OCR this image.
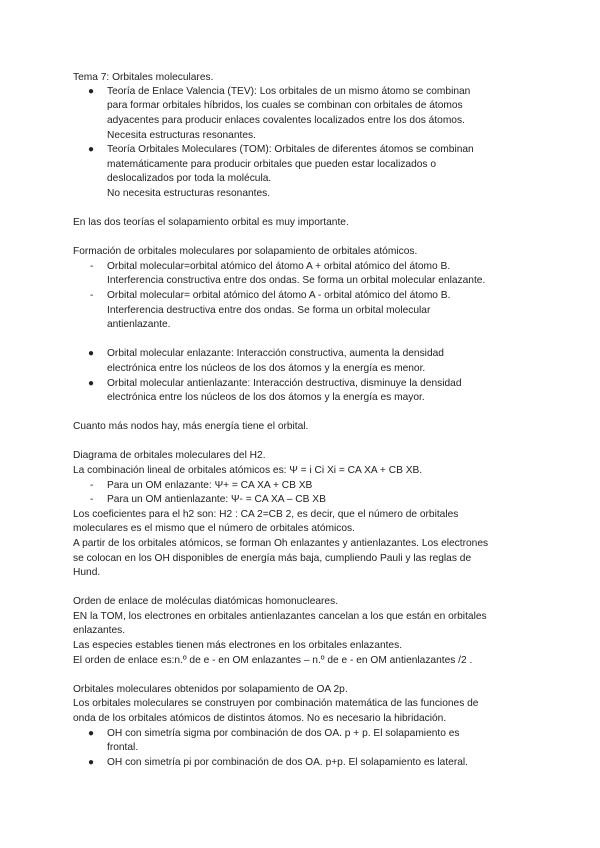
Tema 7: Orbitales moleculares.
●	Teoría de Enlace Valencia (TEV): Los orbitales de un mismo átomo se combinan
para formar orbitales híbridos, los cuales se combinan con orbitales de átomos
adyacentes para producir enlaces covalentes localizados entre los dos átomos.
Necesita estructuras resonantes.
●	Teoría Orbitales Moleculares (TOM): Orbitales de diferentes átomos se combinan
matemáticamente para producir orbitales que pueden estar localizados o
deslocalizados por toda la molécula.
No necesita estructuras resonantes.
En las dos teorías el solapamiento orbital es muy importante.
Formación de orbitales moleculares por solapamiento de orbitales atómicos.
- Orbital molecular=orbital atómico del átomo A + orbital atómico del átomo B.
Interferencia constructiva entre dos ondas. Se forma un orbital molecular enlazante.
- Orbital molecular= orbital atómico del átomo A - orbital atómico del átomo B.
Interferencia destructiva entre dos ondas. Se forma un orbital molecular
antienlazante.
●	Orbital molecular enlazante: Interacción constructiva, aumenta la densidad
electrónica entre los núcleos de los dos átomos y la energía es menor.
●	Orbital molecular antienlazante: Interacción destructiva, disminuye la densidad
electrónica entre los núcleos de los dos átomos y la energía es mayor.
Cuanto más nodos hay, más energía tiene el orbital.
Diagrama de orbitales moleculares del H2.
La combinación lineal de orbitales atómicos es: Ψ = i Ci Xi = CA XA + CB XB.
- Para un OM enlazante: Ψ+ = CA XA + CB XB
- Para un OM antienlazante: Ψ- = CA XA – CB XB
Los coeficientes para el h2 son: H2 : CA 2=CB 2, es decir, que el número de orbitales
moleculares es el mismo que el número de orbitales atómicos.
A partir de los orbitales atómicos, se forman Oh enlazantes y antienlazantes. Los electrones
se colocan en los OH disponibles de energía más baja, cumpliendo Pauli y las reglas de
Hund.
Orden de enlace de moléculas diatómicas homonucleares.
EN la TOM, los electrones en orbitales antienlazantes cancelan a los que están en orbitales
enlazantes.
Las especies estables tienen más electrones en los orbitales enlazantes.
El orden de enlace es:n.º de e - en OM enlazantes – n.º de e - en OM antienlazantes /2 .
Orbitales moleculares obtenidos por solapamiento de OA 2p.
Los orbitales moleculares se construyen por combinación matemática de las funciones de
onda de los orbitales atómicos de distintos átomos. No es necesario la hibridación.
●	OH con simetría sigma por combinación de dos OA. p + p. El solapamiento es
frontal.
●	OH con simetría pi por combinación de dos OA. p+p. El solapamiento es lateral.
